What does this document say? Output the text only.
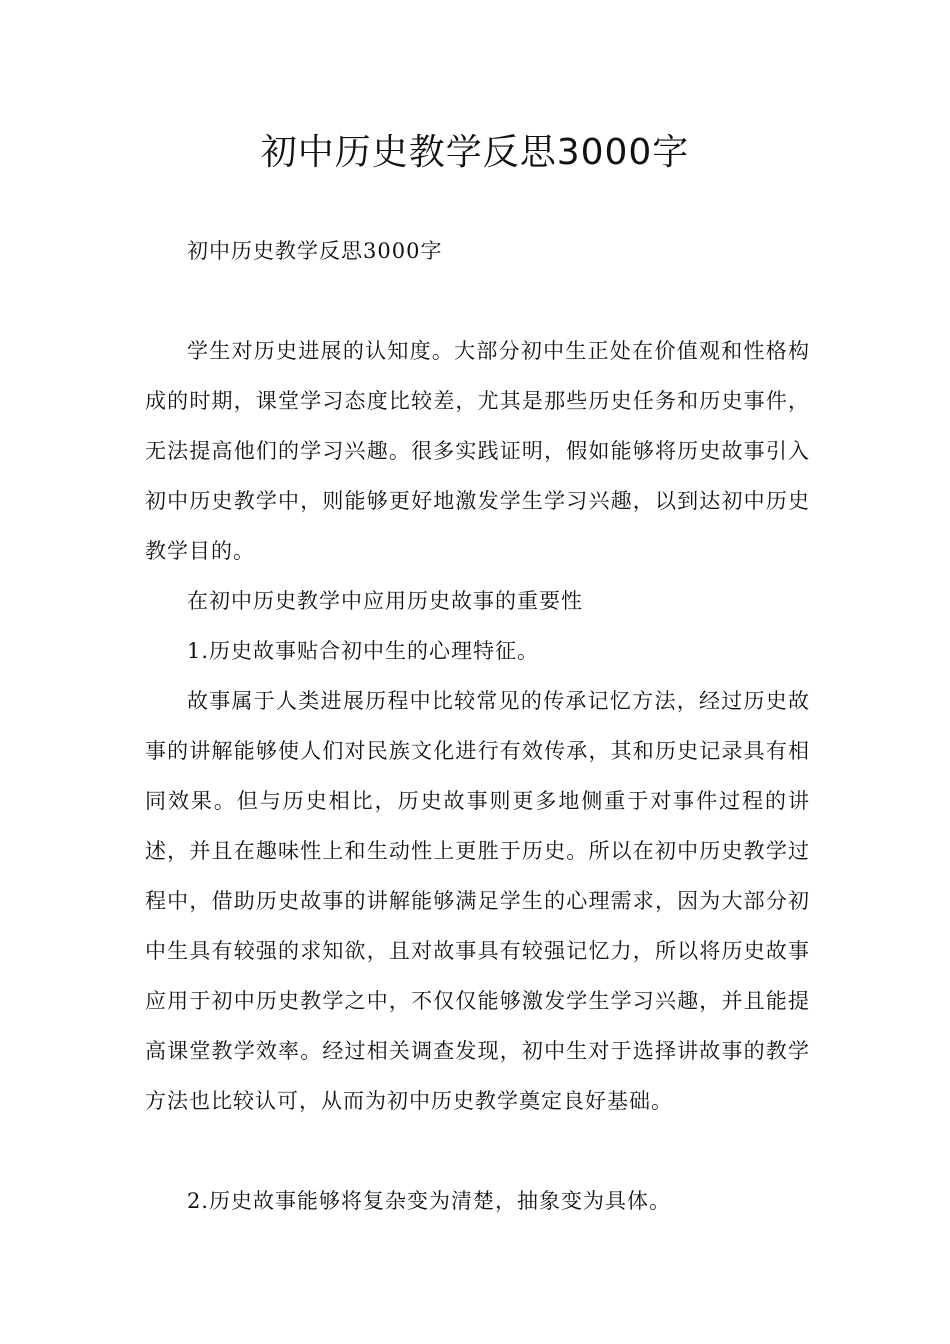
初中历史教学反思3000字

初中历史教学反思3000字

学生对历史进展的认知度。大部分初中生正处在价值观和性格构成的时期，课堂学习态度比较差，尤其是那些历史任务和历史事件，无法提高他们的学习兴趣。很多实践证明，假如能够将历史故事引入初中历史教学中，则能够更好地激发学生学习兴趣，以到达初中历史教学目的。

在初中历史教学中应用历史故事的重要性

1.历史故事贴合初中生的心理特征。

故事属于人类进展历程中比较常见的传承记忆方法，经过历史故事的讲解能够使人们对民族文化进行有效传承，其和历史记录具有相同效果。但与历史相比，历史故事则更多地侧重于对事件过程的讲述，并且在趣味性上和生动性上更胜于历史。所以在初中历史教学过程中，借助历史故事的讲解能够满足学生的心理需求，因为大部分初中生具有较强的求知欲，且对故事具有较强记忆力，所以将历史故事应用于初中历史教学之中，不仅仅能够激发学生学习兴趣，并且能提高课堂教学效率。经过相关调查发现，初中生对于选择讲故事的教学方法也比较认可，从而为初中历史教学奠定良好基础。

2.历史故事能够将复杂变为清楚，抽象变为具体。
